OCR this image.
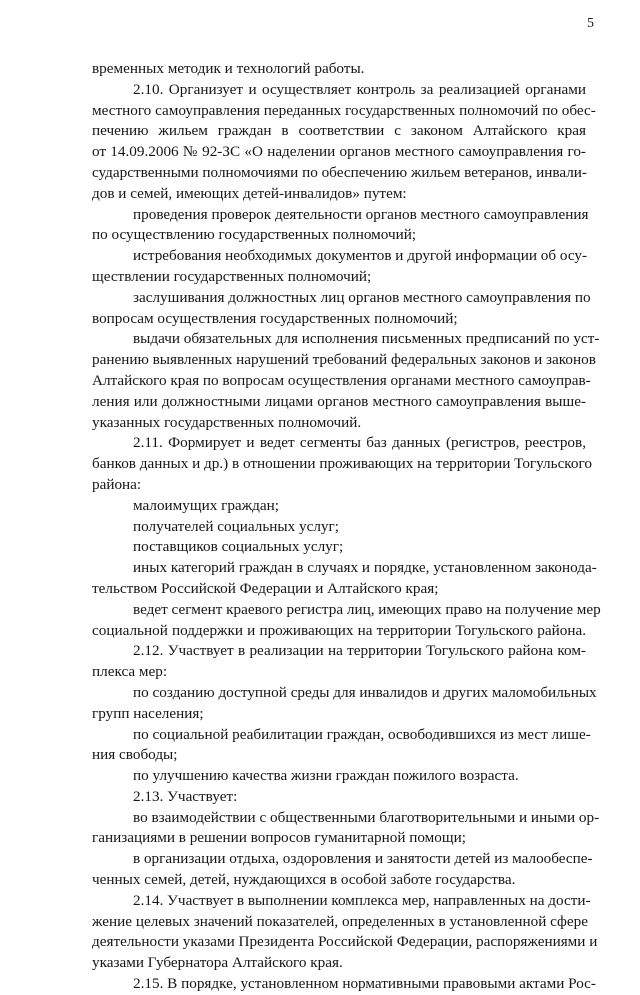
5
временных методик и технологий работы.
2.10. Организует и осуществляет контроль за реализацией органами
местного самоуправления переданных государственных полномочий по обес-
печению жильем граждан в соответствии с законом Алтайского края
от 14.09.2006 № 92-ЗС «О наделении органов местного самоуправления го-
сударственными полномочиями по обеспечению жильем ветеранов, инвали-
дов и семей, имеющих детей-инвалидов» путем:
проведения проверок деятельности органов местного самоуправления
по осуществлению государственных полномочий;
истребования необходимых документов и другой информации об осу-
ществлении государственных полномочий;
заслушивания должностных лиц органов местного самоуправления по
вопросам осуществления государственных полномочий;
выдачи обязательных для исполнения письменных предписаний по уст-
ранению выявленных нарушений требований федеральных законов и законов
Алтайского края по вопросам осуществления органами местного самоуправ-
ления или должностными лицами органов местного самоуправления выше-
указанных государственных полномочий.
2.11. Формирует и ведет сегменты баз данных (регистров, реестров,
банков данных и др.) в отношении проживающих на территории Тогульского
района:
малоимущих граждан;
получателей социальных услуг;
поставщиков социальных услуг;
иных категорий граждан в случаях и порядке, установленном законода-
тельством Российской Федерации и Алтайского края;
ведет сегмент краевого регистра лиц, имеющих право на получение мер
социальной поддержки и проживающих на территории Тогульского района.
2.12. Участвует в реализации на территории Тогульского района ком-
плекса мер:
по созданию доступной среды для инвалидов и других маломобильных
групп населения;
по социальной реабилитации граждан, освободившихся из мест лише-
ния свободы;
по улучшению качества жизни граждан пожилого возраста.
2.13. Участвует:
во взаимодействии с общественными благотворительными и иными ор-
ганизациями в решении вопросов гуманитарной помощи;
в организации отдыха, оздоровления и занятости детей из малообеспе-
ченных семей, детей, нуждающихся в особой заботе государства.
2.14. Участвует в выполнении комплекса мер, направленных на дости-
жение целевых значений показателей, определенных в установленной сфере
деятельности указами Президента Российской Федерации, распоряжениями и
указами Губернатора Алтайского края.
2.15. В порядке, установленном нормативными правовыми актами Рос-
